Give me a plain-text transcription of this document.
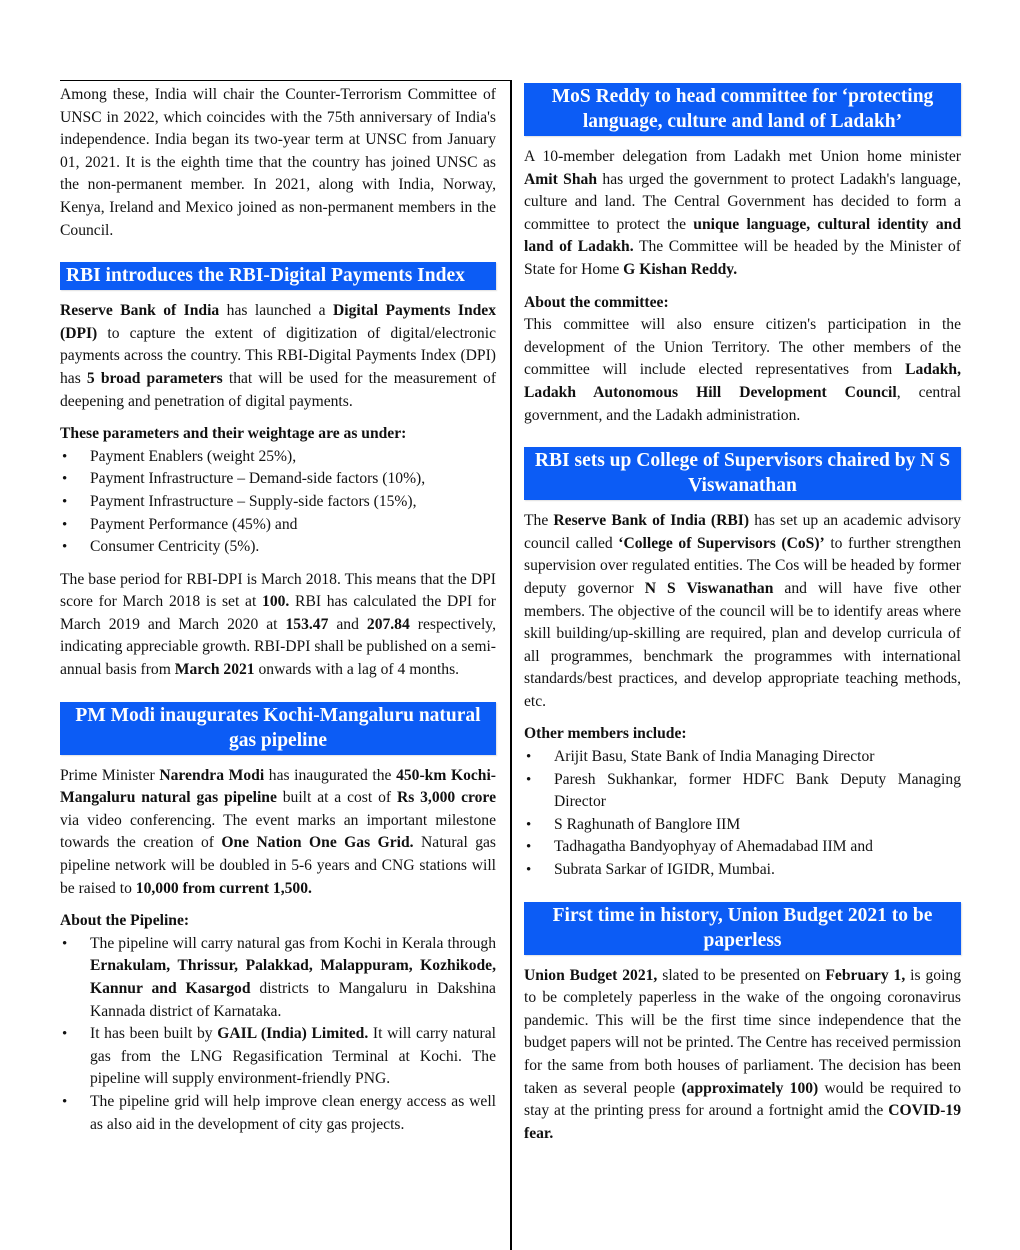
Among these, India will chair the Counter-Terrorism Committee of UNSC in 2022, which coincides with the 75th anniversary of India's independence. India began its two-year term at UNSC from January 01, 2021. It is the eighth time that the country has joined UNSC as the non-permanent member. In 2021, along with India, Norway, Kenya, Ireland and Mexico joined as non-permanent members in the Council.

RBI introduces the RBI-Digital Payments Index

Reserve Bank of India has launched a Digital Payments Index (DPI) to capture the extent of digitization of digital/electronic payments across the country. This RBI-Digital Payments Index (DPI) has 5 broad parameters that will be used for the measurement of deepening and penetration of digital payments.

These parameters and their weightage are as under:
• Payment Enablers (weight 25%),
• Payment Infrastructure – Demand-side factors (10%),
• Payment Infrastructure – Supply-side factors (15%),
• Payment Performance (45%) and
• Consumer Centricity (5%).

The base period for RBI-DPI is March 2018. This means that the DPI score for March 2018 is set at 100. RBI has calculated the DPI for March 2019 and March 2020 at 153.47 and 207.84 respectively, indicating appreciable growth. RBI-DPI shall be published on a semi-annual basis from March 2021 onwards with a lag of 4 months.

PM Modi inaugurates Kochi-Mangaluru natural gas pipeline

Prime Minister Narendra Modi has inaugurated the 450-km Kochi-Mangaluru natural gas pipeline built at a cost of Rs 3,000 crore via video conferencing. The event marks an important milestone towards the creation of One Nation One Gas Grid. Natural gas pipeline network will be doubled in 5-6 years and CNG stations will be raised to 10,000 from current 1,500.

About the Pipeline:
• The pipeline will carry natural gas from Kochi in Kerala through Ernakulam, Thrissur, Palakkad, Malappuram, Kozhikode, Kannur and Kasargod districts to Mangaluru in Dakshina Kannada district of Karnataka.
• It has been built by GAIL (India) Limited. It will carry natural gas from the LNG Regasification Terminal at Kochi. The pipeline will supply environment-friendly PNG.
• The pipeline grid will help improve clean energy access as well as also aid in the development of city gas projects.
MoS Reddy to head committee for ‘protecting language, culture and land of Ladakh’

A 10-member delegation from Ladakh met Union home minister Amit Shah has urged the government to protect Ladakh's language, culture and land. The Central Government has decided to form a committee to protect the unique language, cultural identity and land of Ladakh. The Committee will be headed by the Minister of State for Home G Kishan Reddy.

About the committee:

This committee will also ensure citizen's participation in the development of the Union Territory. The other members of the committee will include elected representatives from Ladakh, Ladakh Autonomous Hill Development Council, central government, and the Ladakh administration.

RBI sets up College of Supervisors chaired by N S Viswanathan

The Reserve Bank of India (RBI) has set up an academic advisory council called ‘College of Supervisors (CoS)’ to further strengthen supervision over regulated entities. The Cos will be headed by former deputy governor N S Viswanathan and will have five other members. The objective of the council will be to identify areas where skill building/up-skilling are required, plan and develop curricula of all programmes, benchmark the programmes with international standards/best practices, and develop appropriate teaching methods, etc.

Other members include:
• Arijit Basu, State Bank of India Managing Director
• Paresh Sukhankar, former HDFC Bank Deputy Managing Director
• S Raghunath of Banglore IIM
• Tadhagatha Bandyophyay of Ahemadabad IIM and
• Subrata Sarkar of IGIDR, Mumbai.
First time in history, Union Budget 2021 to be paperless

Union Budget 2021, slated to be presented on February 1, is going to be completely paperless in the wake of the ongoing coronavirus pandemic. This will be the first time since independence that the budget papers will not be printed. The Centre has received permission for the same from both houses of parliament. The decision has been taken as several people (approximately 100) would be required to stay at the printing press for around a fortnight amid the COVID-19 fear.
